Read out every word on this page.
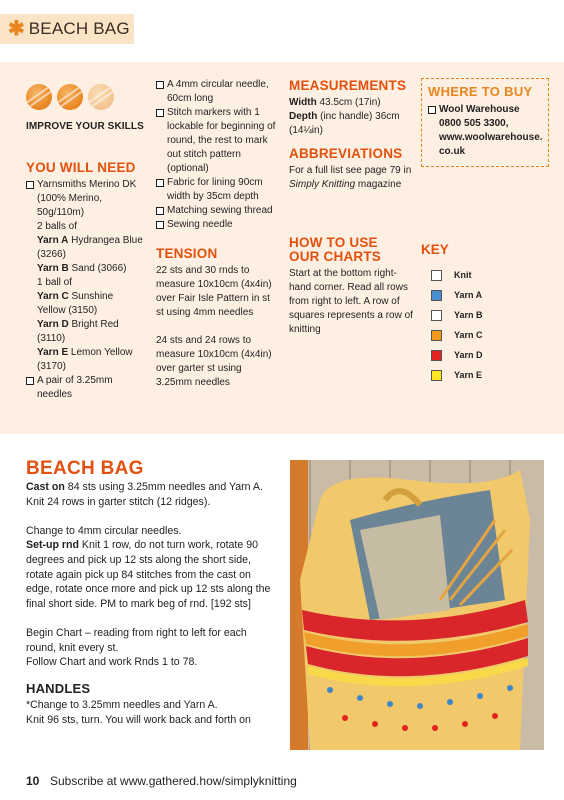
✱ BEACH BAG
IMPROVE YOUR SKILLS
YOU WILL NEED
Yarnsmiths Merino DK (100% Merino, 50g/110m)
2 balls of
Yarn A Hydrangea Blue (3266)
Yarn B Sand (3066)
1 ball of
Yarn C Sunshine Yellow (3150)
Yarn D Bright Red (3110)
Yarn E Lemon Yellow (3170)
A pair of 3.25mm needles
A 4mm circular needle, 60cm long
Stitch markers with 1 lockable for beginning of round, the rest to mark out stitch pattern (optional)
Fabric for lining 90cm width by 35cm depth
Matching sewing thread
Sewing needle
TENSION

22 sts and 30 rnds to measure 10x10cm (4x4in) over Fair Isle Pattern in st st using 4mm needles

24 sts and 24 rows to measure 10x10cm (4x4in) over garter st using 3.25mm needles

MEASUREMENTS
Width 43.5cm (17in)
Depth (inc handle) 36cm (14¼in)
ABBREVIATIONS

For a full list see page 79 in Simply Knitting magazine

HOW TO USE
OUR CHARTS

Start at the bottom right-hand corner. Read all rows from right to left. A row of squares represents a row of knitting

WHERE TO BUY
Wool Warehouse 0800 505 3300, www.woolwarehouse. co.uk
KEY
Knit
Yarn A
Yarn B
Yarn C
Yarn D
Yarn E
BEACH BAG

Cast on 84 sts using 3.25mm needles and Yarn A. Knit 24 rows in garter stitch (12 ridges).

Change to 4mm circular needles.

Set-up rnd Knit 1 row, do not turn work, rotate 90 degrees and pick up 12 sts along the short side, rotate again pick up 84 stitches from the cast on edge, rotate once more and pick up 12 sts along the final short side. PM to mark beg of rnd. [192 sts]

Begin Chart – reading from right to left for each round, knit every st.

Follow Chart and work Rnds 1 to 78.

HANDLES

*Change to 3.25mm needles and Yarn A.

Knit 96 sts, turn. You will work back and forth on

10 Subscribe at www.gathered.how/simplyknitting	PassionForum.ru
